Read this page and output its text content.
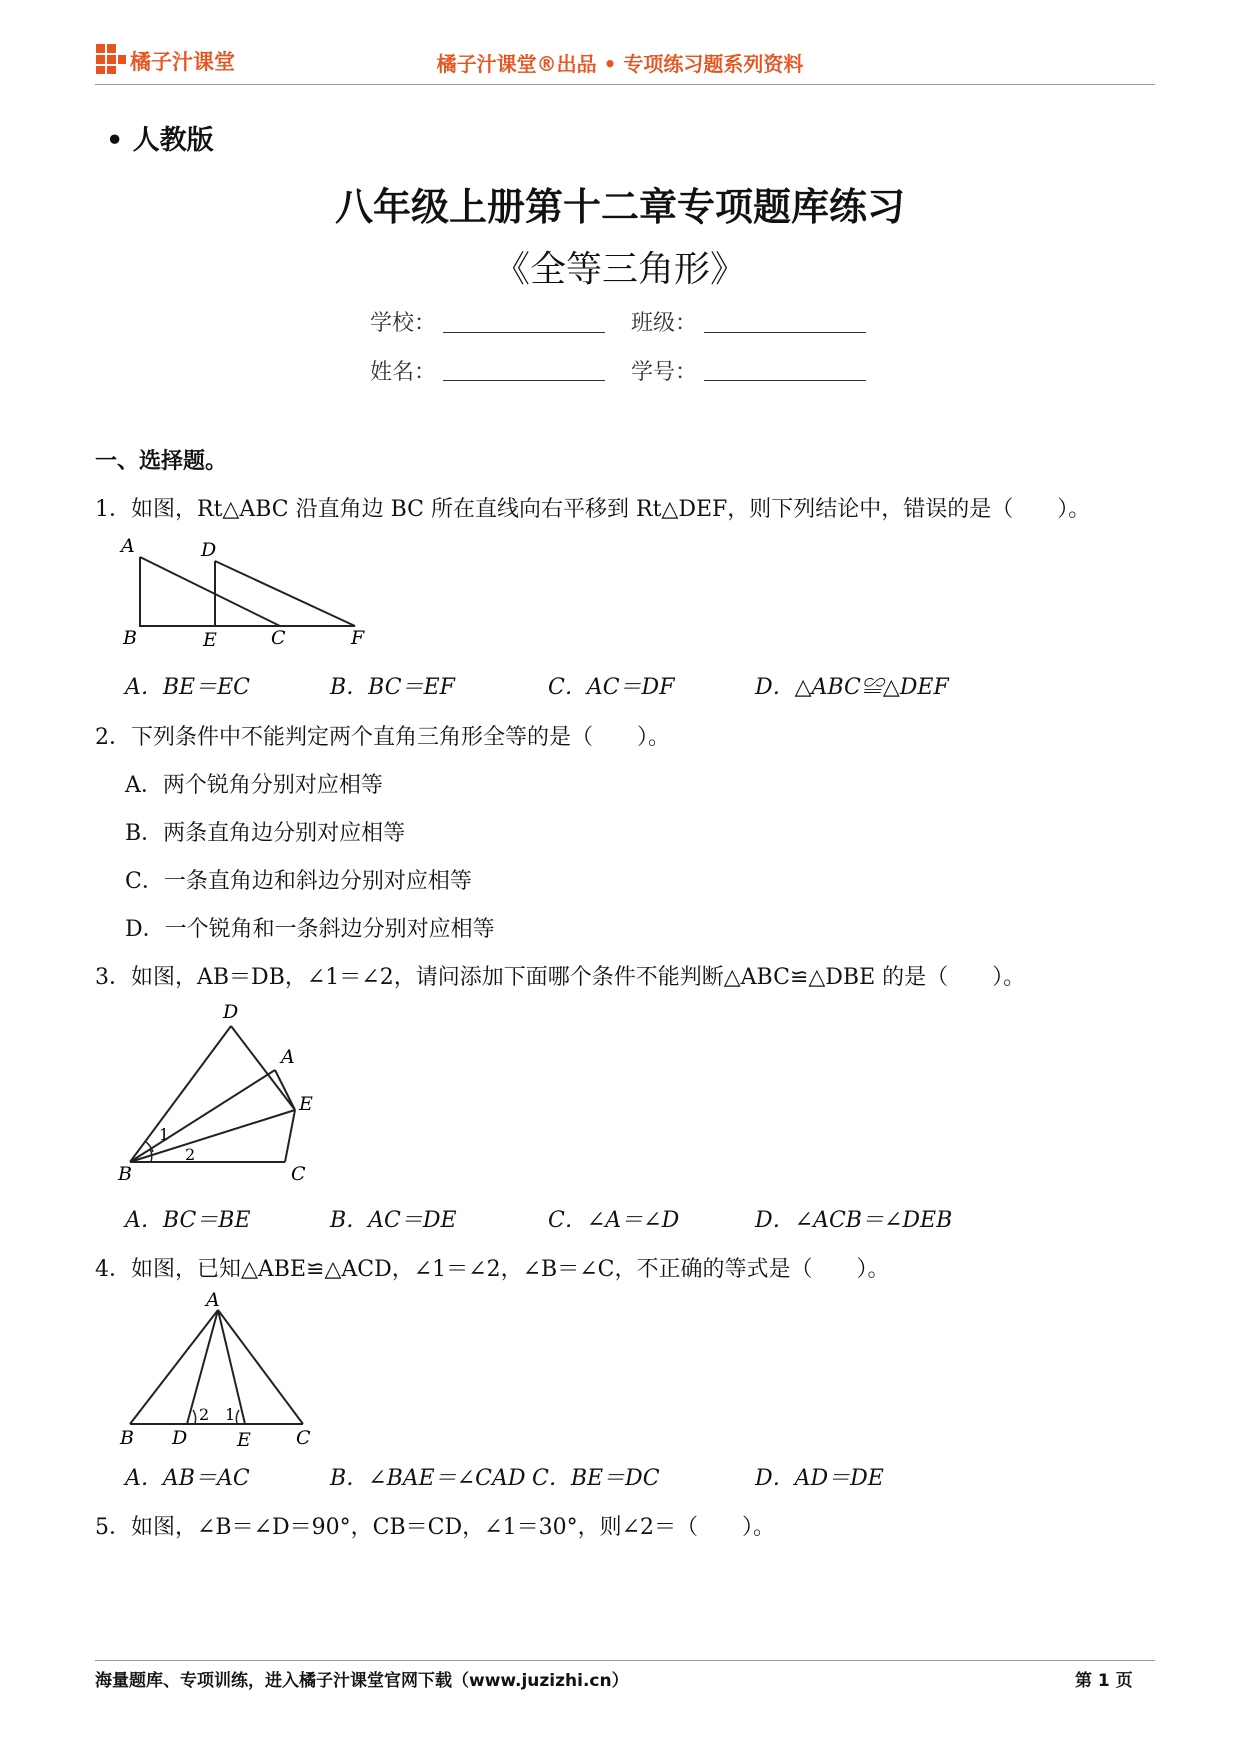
橘子汁课堂	橘子汁课堂®出品 • 专项练习题系列资料
• 人教版
八年级上册第十二章专项题库练习
《全等三角形》
学校：	班级：
姓名：	学号：
一、选择题。
1．如图，Rt△ABC 沿直角边 BC 所在直线向右平移到 Rt△DEF，则下列结论中，错误的是（　　）。
A	D
B	E	C	F
A．BE＝EC	B．BC＝EF	C．AC＝DF	D．△ABC≌△DEF
2．下列条件中不能判定两个直角三角形全等的是（　　）。
A．两个锐角分别对应相等
B．两条直角边分别对应相等
C．一条直角边和斜边分别对应相等
D．一个锐角和一条斜边分别对应相等
3．如图，AB＝DB，∠1＝∠2，请问添加下面哪个条件不能判断△ABC≌△DBE 的是（　　）。
D
A
E
B	C
1
2
A．BC＝BE	B．AC＝DE	C．∠A＝∠D	D．∠ACB＝∠DEB
4．如图，已知△ABE≌△ACD，∠1＝∠2，∠B＝∠C，不正确的等式是（　　）。
A
B D	E C
2 1
A．AB＝AC	B．∠BAE＝∠CAD C．BE＝DC	D．AD＝DE
5．如图，∠B＝∠D＝90°，CB＝CD，∠1＝30°，则∠2＝（　　）。
海量题库、专项训练，进入橘子汁课堂官网下载（www.juzizhi.cn）	第 1 页
